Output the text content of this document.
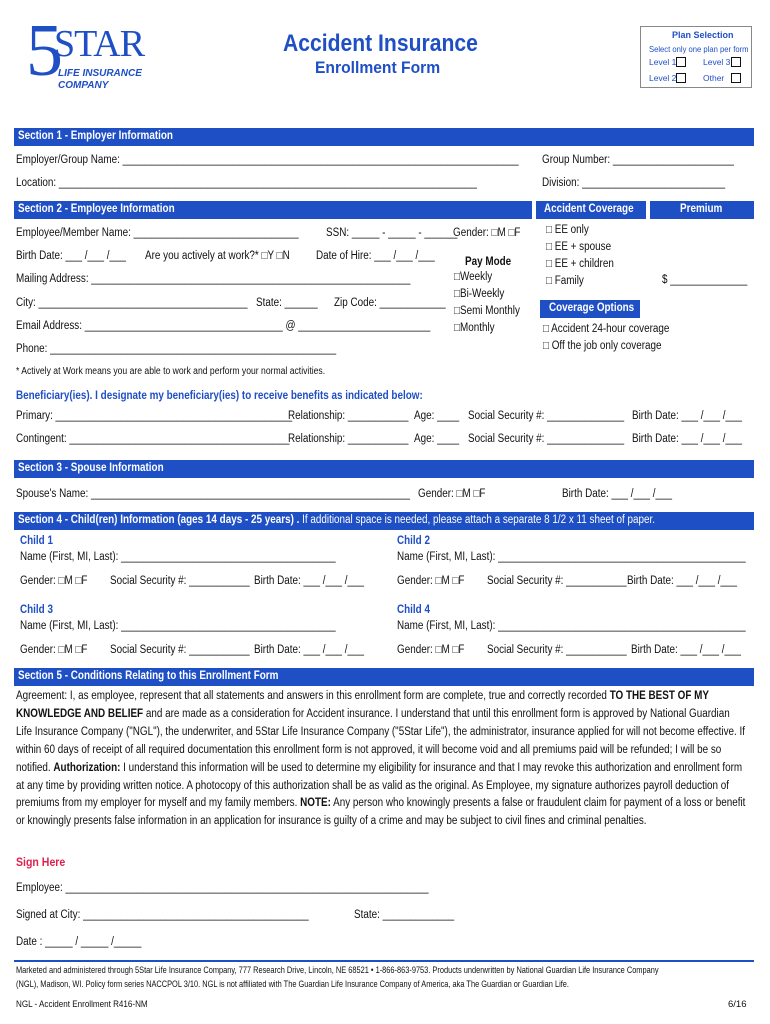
5
STAR
LIFE INSURANCE
COMPANY
Accident Insurance
Enrollment Form
Plan Selection
Select only one plan per form
Level 1	Level 3
Level 2	Other
Section 1 - Employer Information
Employer/Group Name: ________________________________________________________________________ Group Number: ______________________
Location: ____________________________________________________________________________	Division: __________________________
Section 2 - Employee Information	Accident Coverage	Premium
Employee/Member Name: ______________________________ SSN: _____ - _____ - ______
Gender: □M □F
Birth Date: ___ /___ /___ Are you actively at work?* □Y □N Date of Hire: ___ /___ /___
Mailing Address: __________________________________________________________
City: ______________________________________ State: ______ Zip Code: ____________
Email Address: ____________________________________ @ ________________________
Phone: ____________________________________________________
Pay Mode
□Weekly
□Bi-Weekly
□Semi Monthly
□Monthly
□ EE only
□ EE + spouse
□ EE + children
□ Family	$ ______________
Coverage Options
□ Accident 24-hour coverage
□ Off the job only coverage
* Actively at Work means you are able to work and perform your normal activities.
Beneficiary(ies). I designate my beneficiary(ies) to receive benefits as indicated below:
Primary: ___________________________________________
Relationship: ___________ Age: ____ Social Security #: ______________ Birth Date: ___ /___ /___
Contingent: ________________________________________
Relationship: ___________ Age: ____ Social Security #: ______________ Birth Date: ___ /___ /___
Section 3 - Spouse Information
Spouse's Name: __________________________________________________________ Gender: □M □F	Birth Date: ___ /___ /___
Section 4 - Child(ren) Information (ages 14 days - 25 years) . If additional space is needed, please attach a separate 8 1/2 x 11 sheet of paper.
Child 1
Name (First, MI, Last): _______________________________________
Gender: □M □F Social Security #: ___________ Birth Date: ___ /___ /___
Child 2
Name (First, MI, Last): _____________________________________________
Gender: □M □F Social Security #: ___________ Birth Date: ___ /___ /___
Child 3
Name (First, MI, Last): _______________________________________
Gender: □M □F Social Security #: ___________ Birth Date: ___ /___ /___
Child 4
Name (First, MI, Last): _____________________________________________
Gender: □M □F Social Security #: ___________ Birth Date: ___ /___ /___
Section 5 - Conditions Relating to this Enrollment Form
Agreement: I, as employee, represent that all statements and answers in this enrollment form are complete, true and correctly recorded TO THE BEST OF MY KNOWLEDGE AND BELIEF and are made as a consideration for Accident insurance. I understand that until this enrollment form is approved by National Guardian Life Insurance Company ("NGL"), the underwriter, and 5Star Life Insurance Company ("5Star Life"), the administrator, insurance applied for will not become effective. If within 60 days of receipt of all required documentation this enrollment form is not approved, it will become void and all premiums paid will be refunded; I will be so notified. Authorization: I understand this information will be used to determine my eligibility for insurance and that I may revoke this authorization and enrollment form at any time by providing written notice. A photocopy of this authorization shall be as valid as the original. As Employee, my signature authorizes payroll deduction of premiums from my employer for myself and my family members. NOTE: Any person who knowingly presents a false or fraudulent claim for payment of a loss or benefit or knowingly presents false information in an application for insurance is guilty of a crime and may be subject to civil fines and criminal penalties.
Sign Here
Employee: __________________________________________________________________
Signed at City: _________________________________________	State: _____________
Date : _____ / _____ /_____
Marketed and administered through 5Star Life Insurance Company, 777 Research Drive, Lincoln, NE 68521 • 1-866-863-9753. Products underwritten by National Guardian Life Insurance Company
(NGL), Madison, WI. Policy form series NACCPOL 3/10. NGL is not affiliated with The Guardian Life Insurance Company of America, aka The Guardian or Guardian Life.
NGL - Accident Enrollment R416-NM	6/16
